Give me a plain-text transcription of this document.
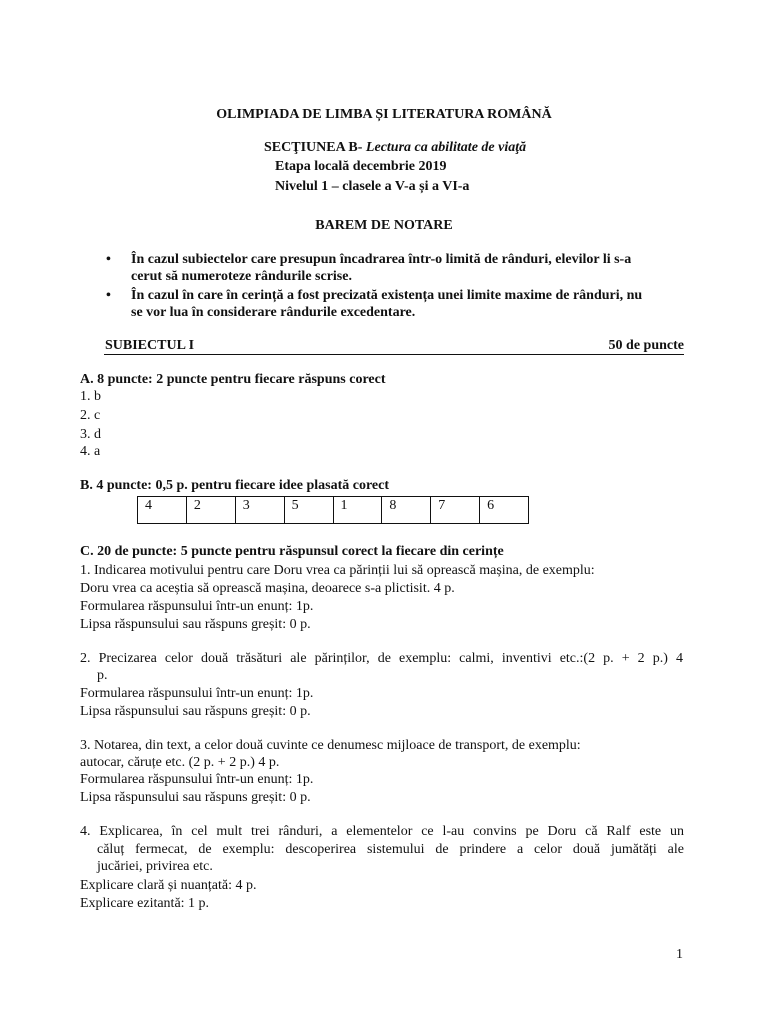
OLIMPIADA DE LIMBA ȘI LITERATURA ROMÂNĂ
SECŢIUNEA B- Lectura ca abilitate de viaţă
Etapa locală decembrie 2019
Nivelul 1 – clasele a V-a și a VI-a
BAREM DE NOTARE
• În cazul subiectelor care presupun încadrarea într-o limită de rânduri, elevilor li s-a
cerut să numeroteze rândurile scrise.
• În cazul în care în cerință a fost precizată existența unei limite maxime de rânduri, nu
se vor lua în considerare rândurile excedentare.
SUBIECTUL I	50 de puncte
A. 8 puncte: 2 puncte pentru fiecare răspuns corect
1. b
2. c
3. d
4. a
B. 4 puncte: 0,5 p. pentru fiecare idee plasată corect
4	2	3	5	1	8	7	6
C. 20 de puncte: 5 puncte pentru răspunsul corect la fiecare din cerințe
1. Indicarea motivului pentru care Doru vrea ca părinții lui să oprească mașina, de exemplu:
Doru vrea ca aceștia să oprească mașina, deoarece s-a plictisit. 4 p.
Formularea răspunsului într-un enunț: 1p.
Lipsa răspunsului sau răspuns greșit: 0 p.
2. Precizarea celor două trăsături ale părinților, de exemplu: calmi, inventivi etc.:(2 p. + 2 p.) 4
p.
Formularea răspunsului într-un enunț: 1p.
Lipsa răspunsului sau răspuns greșit: 0 p.
3. Notarea, din text, a celor două cuvinte ce denumesc mijloace de transport, de exemplu:
autocar, căruțe etc. (2 p. + 2 p.) 4 p.
Formularea răspunsului într-un enunț: 1p.
Lipsa răspunsului sau răspuns greșit: 0 p.
4. Explicarea, în cel mult trei rânduri, a elementelor ce l-au convins pe Doru că Ralf este un
căluț fermecat, de exemplu: descoperirea sistemului de prindere a celor două jumătăți ale
jucăriei, privirea etc.
Explicare clară și nuanțată: 4 p.
Explicare ezitantă: 1 p.
1
